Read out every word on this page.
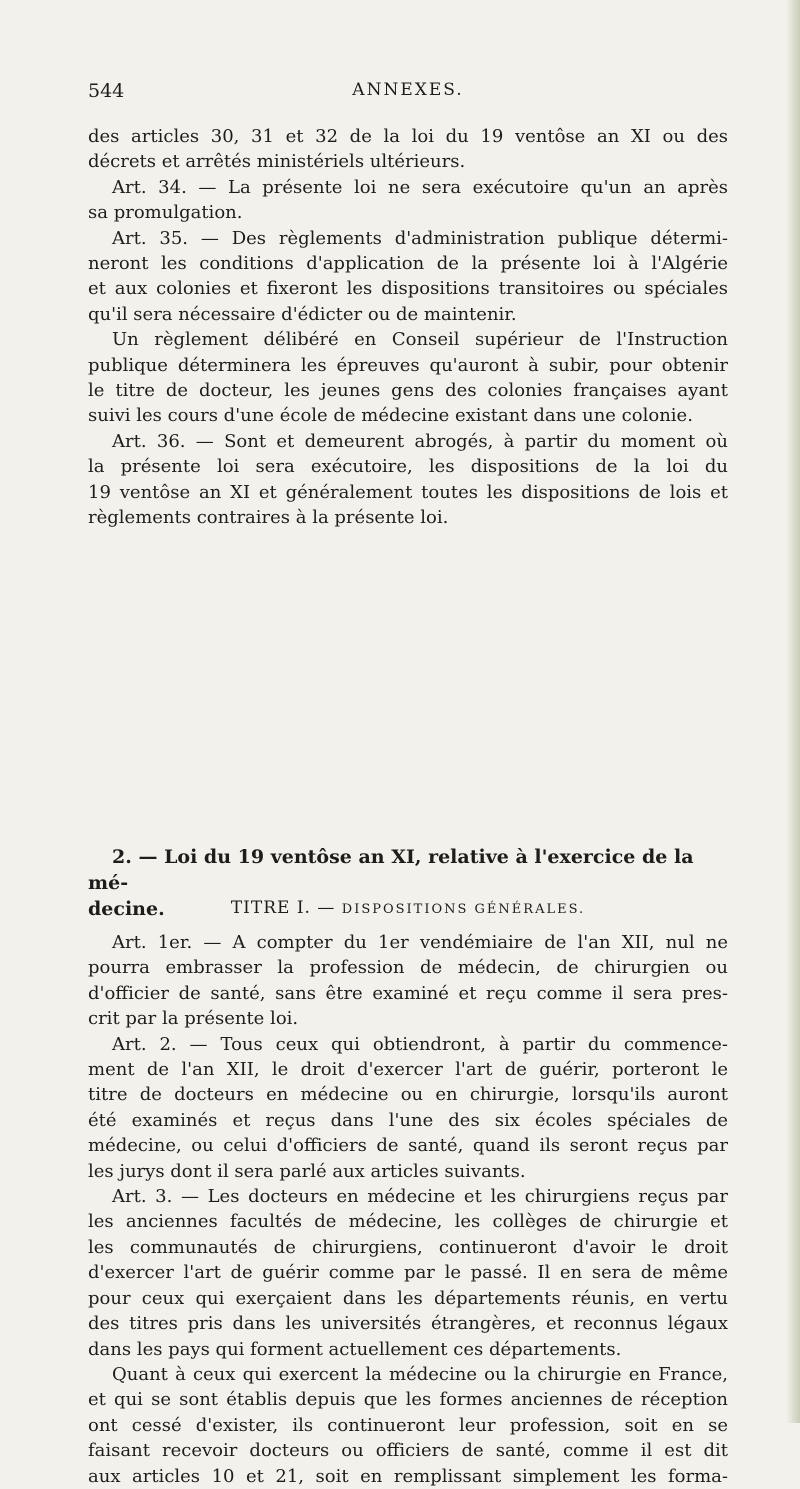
544	ANNEXES.
des articles 30, 31 et 32 de la loi du 19 ventôse an XI ou des
décrets et arrêtés ministériels ultérieurs.
Art. 34. — La présente loi ne sera exécutoire qu'un an après
sa promulgation.
Art. 35. — Des règlements d'administration publique détermi-
neront les conditions d'application de la présente loi à l'Algérie
et aux colonies et fixeront les dispositions transitoires ou spéciales
qu'il sera nécessaire d'édicter ou de maintenir.
Un règlement délibéré en Conseil supérieur de l'Instruction
publique déterminera les épreuves qu'auront à subir, pour obtenir
le titre de docteur, les jeunes gens des colonies françaises ayant
suivi les cours d'une école de médecine existant dans une colonie.
Art. 36. — Sont et demeurent abrogés, à partir du moment où
la présente loi sera exécutoire, les dispositions de la loi du
19 ventôse an XI et généralement toutes les dispositions de lois et
règlements contraires à la présente loi.
2. — Loi du 19 ventôse an XI, relative à l'exercice de la mé-
decine.	TITRE I. — DISPOSITIONS GÉNÉRALES.
Art. 1er. — A compter du 1er vendémiaire de l'an XII, nul ne
pourra embrasser la profession de médecin, de chirurgien ou
d'officier de santé, sans être examiné et reçu comme il sera pres-
crit par la présente loi.
Art. 2. — Tous ceux qui obtiendront, à partir du commence-
ment de l'an XII, le droit d'exercer l'art de guérir, porteront le
titre de docteurs en médecine ou en chirurgie, lorsqu'ils auront
été examinés et reçus dans l'une des six écoles spéciales de
médecine, ou celui d'officiers de santé, quand ils seront reçus par
les jurys dont il sera parlé aux articles suivants.
Art. 3. — Les docteurs en médecine et les chirurgiens reçus par
les anciennes facultés de médecine, les collèges de chirurgie et
les communautés de chirurgiens, continueront d'avoir le droit
d'exercer l'art de guérir comme par le passé. Il en sera de même
pour ceux qui exerçaient dans les départements réunis, en vertu
des titres pris dans les universités étrangères, et reconnus légaux
dans les pays qui forment actuellement ces départements.
Quant à ceux qui exercent la médecine ou la chirurgie en France,
et qui se sont établis depuis que les formes anciennes de réception
ont cessé d'exister, ils continueront leur profession, soit en se
faisant recevoir docteurs ou officiers de santé, comme il est dit
aux articles 10 et 21, soit en remplissant simplement les forma-
